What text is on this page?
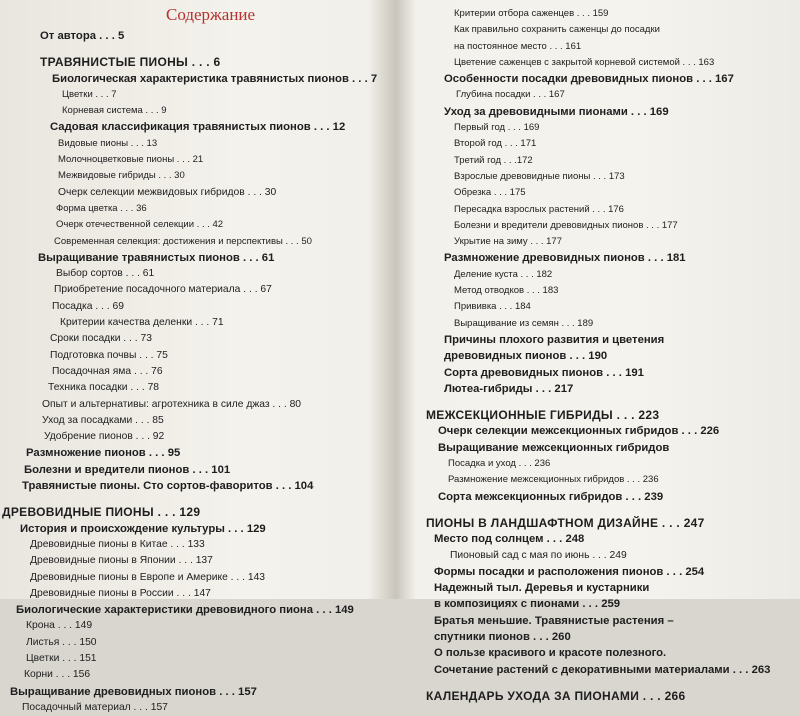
Содержание
От автора . . . 5
ТРАВЯНИСТЫЕ ПИОНЫ . . . 6
Биологическая характеристика травянистых пионов . . . 7
Цветки . . . 7
Корневая система . . . 9
Садовая классификация травянистых пионов . . . 12
Видовые пионы . . . 13
Молочноцветковые пионы . . . 21
Межвидовые гибриды . . . 30
Очерк селекции межвидовых гибридов . . . 30
Форма цветка . . . 36
Очерк отечественной селекции . . . 42
Современная селекция: достижения и перспективы . . . 50
Выращивание травянистых пионов . . . 61
Выбор сортов . . . 61
Приобретение посадочного материала . . . 67
Посадка . . . 69
Критерии качества деленки . . . 71
Сроки посадки . . . 73
Подготовка почвы . . . 75
Посадочная яма . . . 76
Техника посадки . . . 78
Опыт и альтернативы: агротехника в силе джаз . . . 80
Уход за посадками . . . 85
Удобрение пионов . . . 92
Размножение пионов . . . 95
Болезни и вредители пионов . . . 101
Травянистые пионы. Сто сортов-фаворитов . . . 104
ДРЕВОВИДНЫЕ ПИОНЫ . . . 129
История и происхождение культуры . . . 129
Древовидные пионы в Китае . . . 133
Древовидные пионы в Японии . . . 137
Древовидные пионы в Европе и Америке . . . 143
Древовидные пионы в России . . . 147
Биологические характеристики древовидного пиона . . . 149
Крона . . . 149
Листья . . . 150
Цветки . . . 151
Корни . . . 156
Выращивание древовидных пионов . . . 157
Посадочный материал . . . 157
Критерии отбора саженцев . . . 159
Как правильно сохранить саженцы до посадки
на постоянное место . . . 161
Цветение саженцев с закрытой корневой системой . . . 163
Особенности посадки древовидных пионов . . . 167
Глубина посадки . . . 167
Уход за древовидными пионами . . . 169
Первый год . . . 169
Второй год . . . 171
Третий год . . .172
Взрослые древовидные пионы . . . 173
Обрезка . . . 175
Пересадка взрослых растений . . . 176
Болезни и вредители древовидных пионов . . . 177
Укрытие на зиму . . . 177
Размножение древовидных пионов . . . 181
Деление куста . . . 182
Метод отводков . . . 183
Прививка . . . 184
Выращивание из семян . . . 189
Причины плохого развития и цветения
древовидных пионов . . . 190
Сорта древовидных пионов . . . 191
Лютеа-гибриды . . . 217
МЕЖСЕКЦИОННЫЕ ГИБРИДЫ . . . 223
Очерк селекции межсекционных гибридов . . . 226
Выращивание межсекционных гибридов
Посадка и уход . . . 236
Размножение межсекционных гибридов . . . 236
Сорта межсекционных гибридов . . . 239
ПИОНЫ В ЛАНДШАФТНОМ ДИЗАЙНЕ . . . 247
Место под солнцем . . . 248
Пионовый сад с мая по июнь . . . 249
Формы посадки и расположения пионов . . . 254
Надежный тыл. Деревья и кустарники
в композициях с пионами . . . 259
Братья меньшие. Травянистые растения –
спутники пионов . . . 260
О пользе красивого и красоте полезного.
Сочетание растений с декоративными материалами . . . 263
КАЛЕНДАРЬ УХОДА ЗА ПИОНАМИ . . . 266
